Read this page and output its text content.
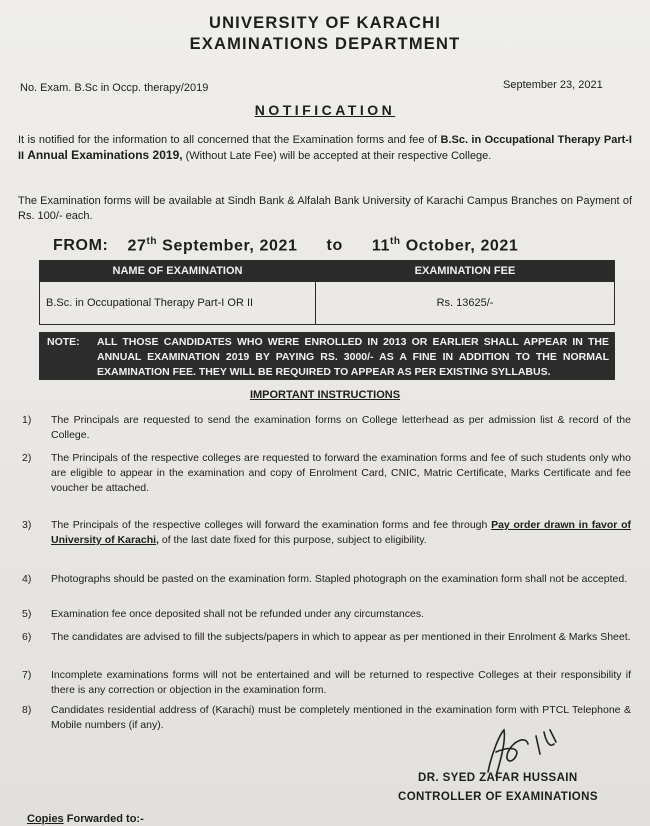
UNIVERSITY OF KARACHI
EXAMINATIONS DEPARTMENT
No. Exam. B.Sc in Occp. therapy/2019	September 23, 2021
NOTIFICATION
It is notified for the information to all concerned that the Examination forms and fee of B.Sc. in Occupational Therapy Part-I II Annual Examinations 2019, (Without Late Fee) will be accepted at their respective College.
The Examination forms will be available at Sindh Bank & Alfalah Bank University of Karachi Campus Branches on Payment of Rs. 100/- each.
FROM: 27th September, 2021 to 11th October, 2021
NAME OF EXAMINATION	EXAMINATION FEE
B.Sc. in Occupational Therapy Part-I OR II	Rs. 13625/-
NOTE: ALL THOSE CANDIDATES WHO WERE ENROLLED IN 2013 OR EARLIER SHALL APPEAR IN THE ANNUAL EXAMINATION 2019 BY PAYING RS. 3000/- AS A FINE IN ADDITION TO THE NORMAL EXAMINATION FEE. THEY WILL BE REQUIRED TO APPEAR AS PER EXISTING SYLLABUS.
IMPORTANT INSTRUCTIONS
1)	The Principals are requested to send the examination forms on College letterhead as per admission list & record of the College.
2)	The Principals of the respective colleges are requested to forward the examination forms and fee of such students only who are eligible to appear in the examination and copy of Enrolment Card, CNIC, Matric Certificate, Marks Certificate and fee voucher be attached.
3)	The Principals of the respective colleges will forward the examination forms and fee through Pay order drawn in favor of University of Karachi, of the last date fixed for this purpose, subject to eligibility.
4)	Photographs should be pasted on the examination form. Stapled photograph on the examination form shall not be accepted.
5)	Examination fee once deposited shall not be refunded under any circumstances.
6)	The candidates are advised to fill the subjects/papers in which to appear as per mentioned in their Enrolment & Marks Sheet.
7)	Incomplete examinations forms will not be entertained and will be returned to respective Colleges at their responsibility if there is any correction or objection in the examination form.
8)	Candidates residential address of (Karachi) must be completely mentioned in the examination form with PTCL Telephone & Mobile numbers (if any).
DR. SYED ZAFAR HUSSAIN
CONTROLLER OF EXAMINATIONS
Copies Forwarded to:-
